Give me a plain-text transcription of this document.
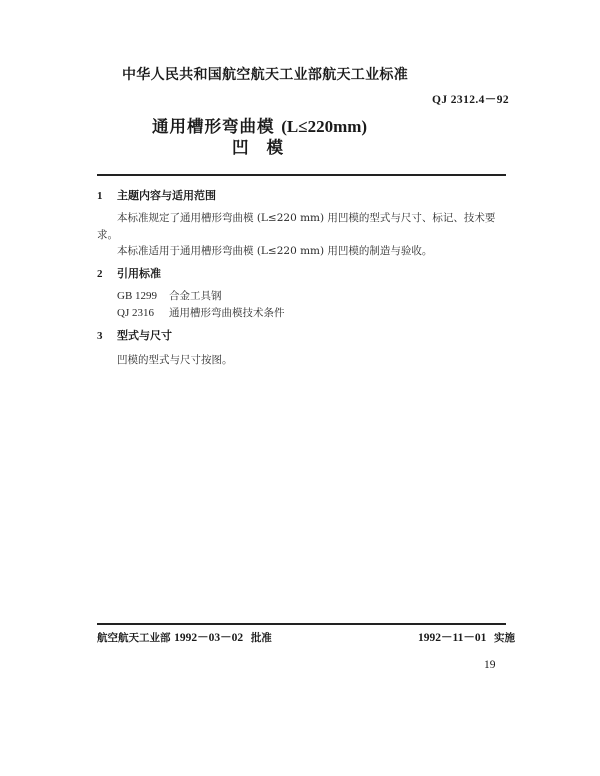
中华人民共和国航空航天工业部航天工业标准
QJ 2312.4－92
通用槽形弯曲模 (L≤220mm)
凹 模
1 主题内容与适用范围
本标准规定了通用槽形弯曲模 (L≤220 mm) 用凹模的型式与尺寸、标记、技术要
求。
本标准适用于通用槽形弯曲模 (L≤220 mm) 用凹模的制造与验收。
2 引用标准
GB 1299 合金工具钢
QJ 2316 通用槽形弯曲模技术条件
3 型式与尺寸
凹模的型式与尺寸按图。
航空航天工业部 1992－03－02 批准	1992－11－01 实施
19
